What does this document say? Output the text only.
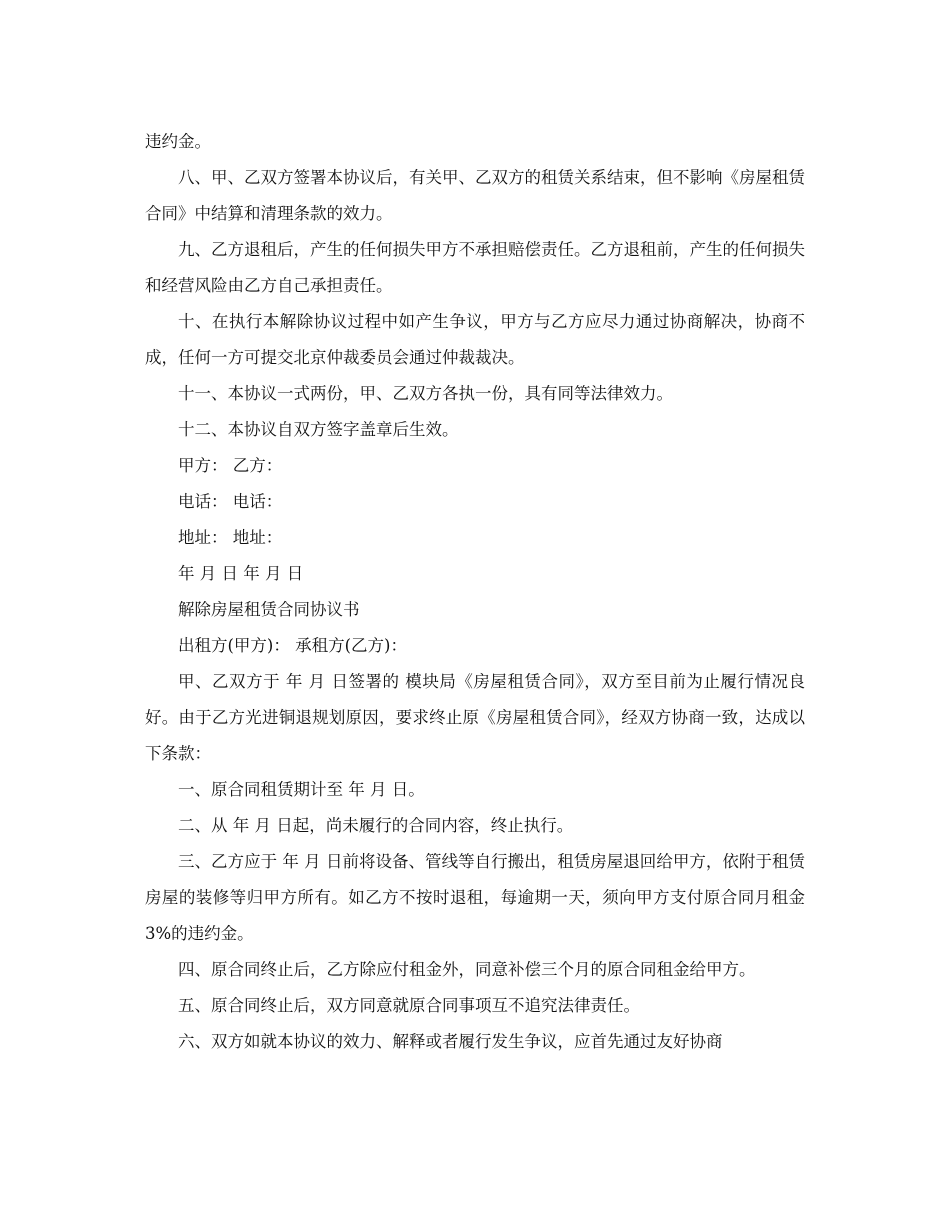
违约金。

八、甲、乙双方签署本协议后，有关甲、乙双方的租赁关系结束，但不影响《房屋租赁合同》中结算和清理条款的效力。

九、乙方退租后，产生的任何损失甲方不承担赔偿责任。乙方退租前，产生的任何损失和经营风险由乙方自己承担责任。

十、在执行本解除协议过程中如产生争议，甲方与乙方应尽力通过协商解决，协商不成，任何一方可提交北京仲裁委员会通过仲裁裁决。

十一、本协议一式两份，甲、乙双方各执一份，具有同等法律效力。

十二、本协议自双方签字盖章后生效。

甲方： 乙方：

电话： 电话：

地址： 地址：

年 月 日 年 月 日

解除房屋租赁合同协议书

出租方(甲方)： 承租方(乙方)：

甲、乙双方于 年 月 日签署的 模块局《房屋租赁合同》，双方至目前为止履行情况良好。由于乙方光进铜退规划原因，要求终止原《房屋租赁合同》，经双方协商一致，达成以下条款：

一、原合同租赁期计至 年 月 日。

二、从 年 月 日起，尚未履行的合同内容，终止执行。

三、乙方应于 年 月 日前将设备、管线等自行搬出，租赁房屋退回给甲方，依附于租赁房屋的装修等归甲方所有。如乙方不按时退租，每逾期一天，须向甲方支付原合同月租金 3%的违约金。

四、原合同终止后，乙方除应付租金外，同意补偿三个月的原合同租金给甲方。

五、原合同终止后，双方同意就原合同事项互不追究法律责任。

六、双方如就本协议的效力、解释或者履行发生争议，应首先通过友好协商
